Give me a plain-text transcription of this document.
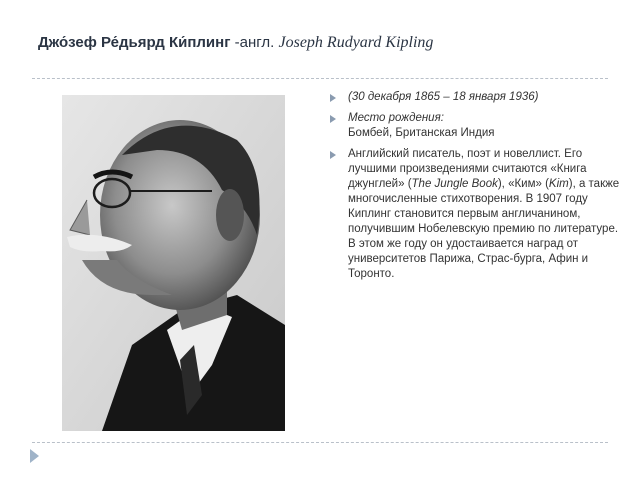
Джо́зеф Ре́дьярд Ки́плинг -англ. Joseph Rudyard Kipling
(30 декабря 1865 – 18 января 1936)
Место рождения:
Бомбей, Британская Индия
Английский писатель, поэт и новеллист. Его лучшими произведениями считаются «Книга джунглей» (The Jungle Book), «Ким» (Kim), а также многочисленные стихотворения. В 1907 году Киплинг становится первым англичанином, получившим Нобелевскую премию по литературе. В этом же году он удостаивается наград от университетов Парижа, Страс-бурга, Афин и Торонто.
